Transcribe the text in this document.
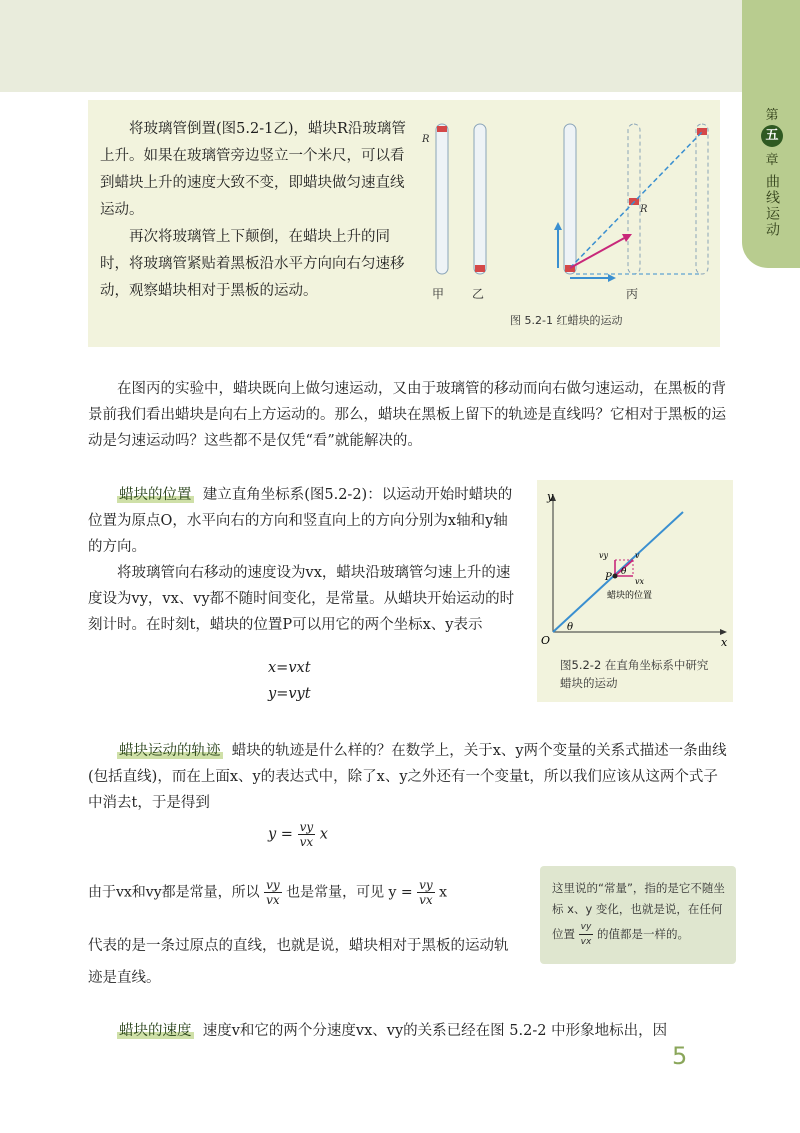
第
五
章
曲线运动

将玻璃管倒置(图5.2-1乙)，蜡块R沿玻璃管上升。如果在玻璃管旁边竖立一个米尺，可以看到蜡块上升的速度大致不变，即蜡块做匀速直线运动。

再次将玻璃管上下颠倒，在蜡块上升的同时，将玻璃管紧贴着黑板沿水平方向向右匀速移动，观察蜡块相对于黑板的运动。

R
R
甲 乙	丙
图 5.2-1 红蜡块的运动

在图丙的实验中，蜡块既向上做匀速运动，又由于玻璃管的移动而向右做匀速运动，在黑板的背景前我们看出蜡块是向右上方运动的。那么，蜡块在黑板上留下的轨迹是直线吗？它相对于黑板的运动是匀速运动吗？这些都不是仅凭“看”就能解决的。

蜡块的位置 建立直角坐标系(图5.2-2)：以运动开始时蜡块的位置为原点O，水平向右的方向和竖直向上的方向分别为x轴和y轴的方向。

将玻璃管向右移动的速度设为vx，蜡块沿玻璃管匀速上升的速度设为vy，vx、vy都不随时间变化，是常量。从蜡块开始运动的时刻计时。在时刻t，蜡块的位置P可以用它的两个坐标x、y表示

x=vxt
y=vyt
y
x
O
θ
θ
P	vx
vy	v
蜡块的位置
图5.2-2 在直角坐标系中研究蜡块的运动

蜡块运动的轨迹 蜡块的轨迹是什么样的？在数学上，关于x、y两个变量的关系式描述一条曲线(包括直线)，而在上面x、y的表达式中，除了x、y之外还有一个变量t，所以我们应该从这两个式子中消去t，于是得到

$y = \frac{vy}{vx}$ x
由于vx和vy都是常量，所以 $\frac{vy}{vx}$ 也是常量，可见 $y = \frac{vy}{vx}$ x
代表的是一条过原点的直线，也就是说，蜡块相对于黑板的运动轨迹是直线。
这里说的“常量”，指的是它不随坐标 x、y 变化，也就是说，在任何位置 $\frac{vy}{vx}$ 的值都是一样的。

蜡块的速度 速度v和它的两个分速度vx、vy的关系已经在图 5.2-2 中形象地标出，因

5
